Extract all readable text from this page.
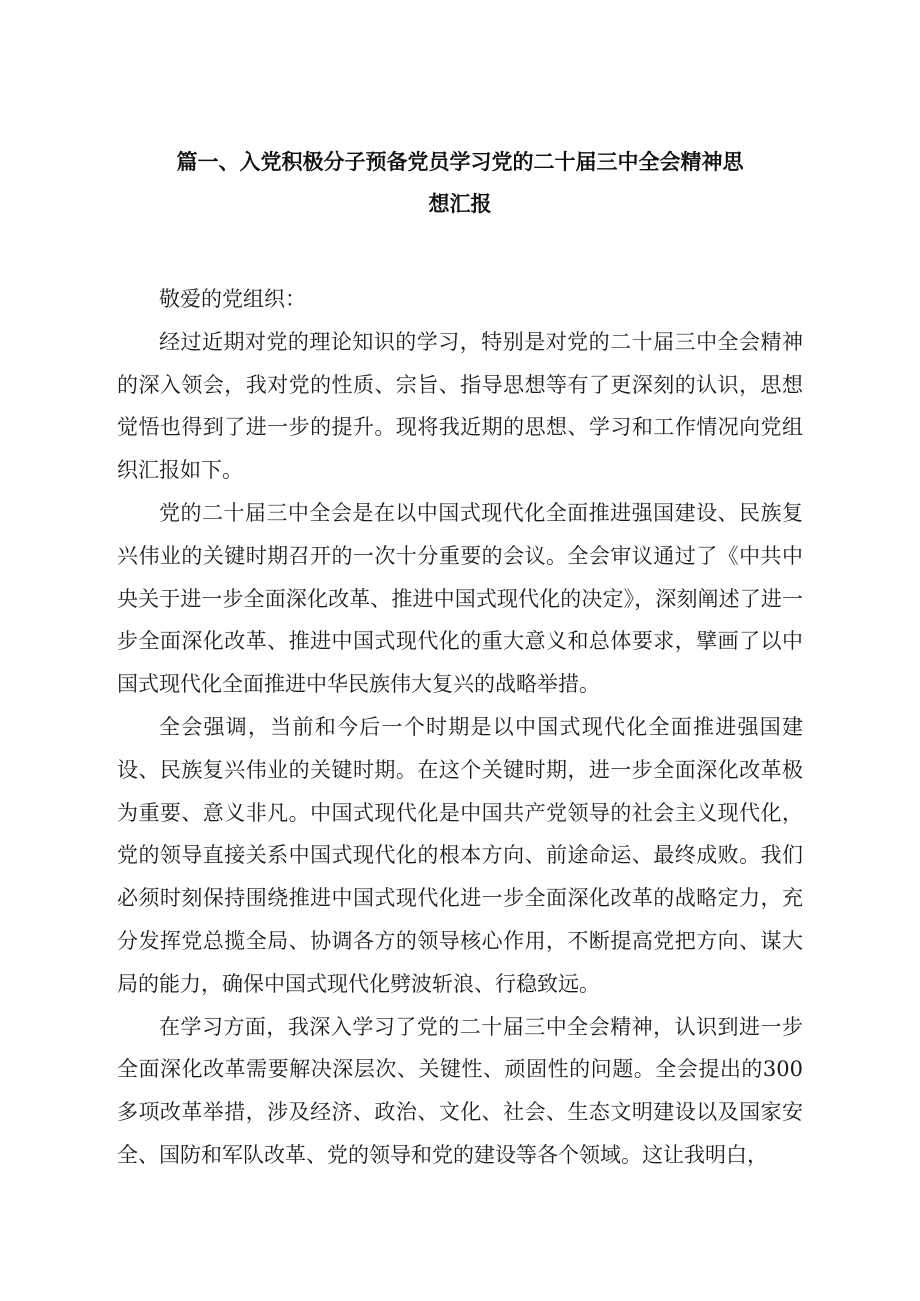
篇一、入党积极分子预备党员学习党的二十届三中全会精神思
想汇报

敬爱的党组织：

经过近期对党的理论知识的学习，特别是对党的二十届三中全会精神的深入领会，我对党的性质、宗旨、指导思想等有了更深刻的认识，思想觉悟也得到了进一步的提升。现将我近期的思想、学习和工作情况向党组织汇报如下。

党的二十届三中全会是在以中国式现代化全面推进强国建设、民族复兴伟业的关键时期召开的一次十分重要的会议。全会审议通过了《中共中央关于进一步全面深化改革、推进中国式现代化的决定》，深刻阐述了进一步全面深化改革、推进中国式现代化的重大意义和总体要求，擘画了以中国式现代化全面推进中华民族伟大复兴的战略举措。

全会强调，当前和今后一个时期是以中国式现代化全面推进强国建设、民族复兴伟业的关键时期。在这个关键时期，进一步全面深化改革极为重要、意义非凡。中国式现代化是中国共产党领导的社会主义现代化，党的领导直接关系中国式现代化的根本方向、前途命运、最终成败。我们必须时刻保持围绕推进中国式现代化进一步全面深化改革的战略定力，充分发挥党总揽全局、协调各方的领导核心作用，不断提高党把方向、谋大局的能力，确保中国式现代化劈波斩浪、行稳致远。

在学习方面，我深入学习了党的二十届三中全会精神，认识到进一步全面深化改革需要解决深层次、关键性、顽固性的问题。全会提出的300多项改革举措，涉及经济、政治、文化、社会、生态文明建设以及国家安全、国防和军队改革、党的领导和党的建设等各个领域。这让我明白，
